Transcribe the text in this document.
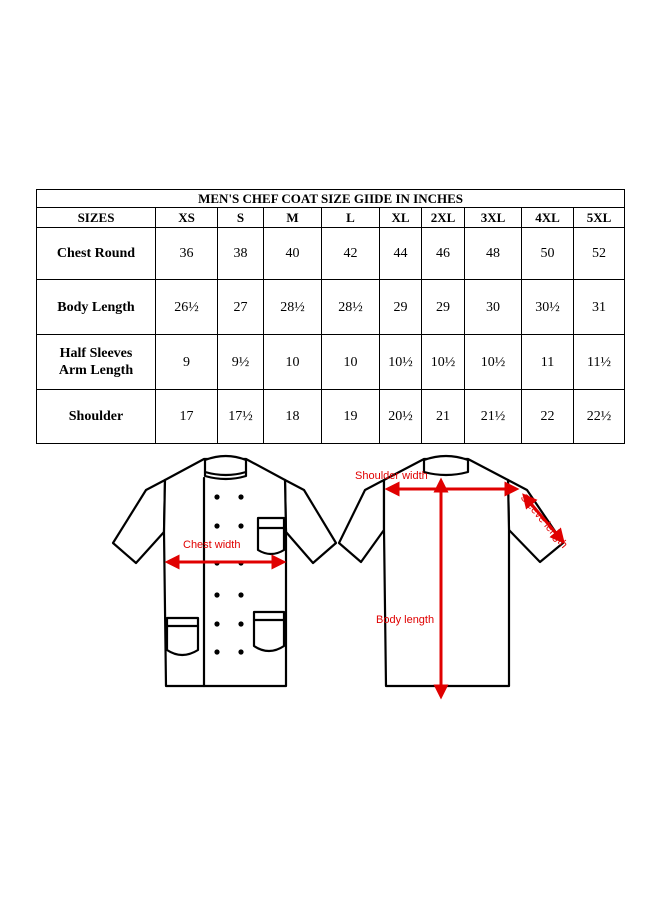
MEN'S CHEF COAT SIZE GIIDE IN INCHES									
SIZES	XS	S	M	L	XL	2XL	3XL	4XL	5XL
Chest Round	36	38	40	42	44	46	48	50	52
Body Length	26½	27	28½	28½	29	29	30	30½	31

Half Sleeves
Arm Length	9	9½	10	10	10½	10½	10½	11	11½
Shoulder	17	17½	18	19	20½	21	21½	22	22½
Chest width
Shoulder width
Body length
Sleeve length
